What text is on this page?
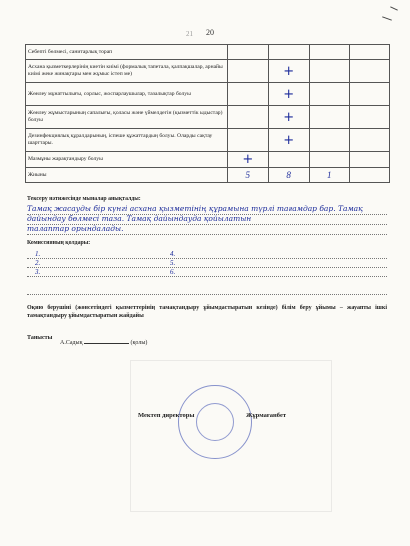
21 20
Себепті бөлмесі, санитарлық торап				
Асхана қызметкерлерінің киетін киімі (формалық тапетала, қалпақшалар, арнайы киімі жеке жинақтары мен жұмыс істеп ме)		+		
Жөнлеу мұнаттылығы, сорлыс, жоспарлаушылар, тазалықтар болуы		+		
Жөнлеу жұмыстарының сапалығы, қоласы және үймелдегін (қызметтік ыдыстар) болуы		+		
Дезинфекциялық құралдарының, іспеше құжаттардың болуы. Оларды сақтау шарттары.		+		
Мазмұны жарақтандыру болуы	+			
Жиыны	5	8	1	
Тексеру нәтижесінде мыналар анықталды:
Тамақ жасауды бір күнгі асхана қызметінің құрамына түрлі тағамдар бар. Тамақ
дайындау бөлмесі таза. Тамақ дайындауда қойылатын
талаптар орындалады.
Комиссияның қолдары:
1.
2.
3.
4.
5.
6.
Оқию берушіні (жөнсетіндегі қызметтерінің тамақтандыру ұйымдастыратын кезінде) білім беру ұйымы – жауапты ішкі тамақтандыру ұйымдастыратын жайдайы
Танысты
А.Садық	(қолы)
Мектеп директоры	Жұрмағанбет
